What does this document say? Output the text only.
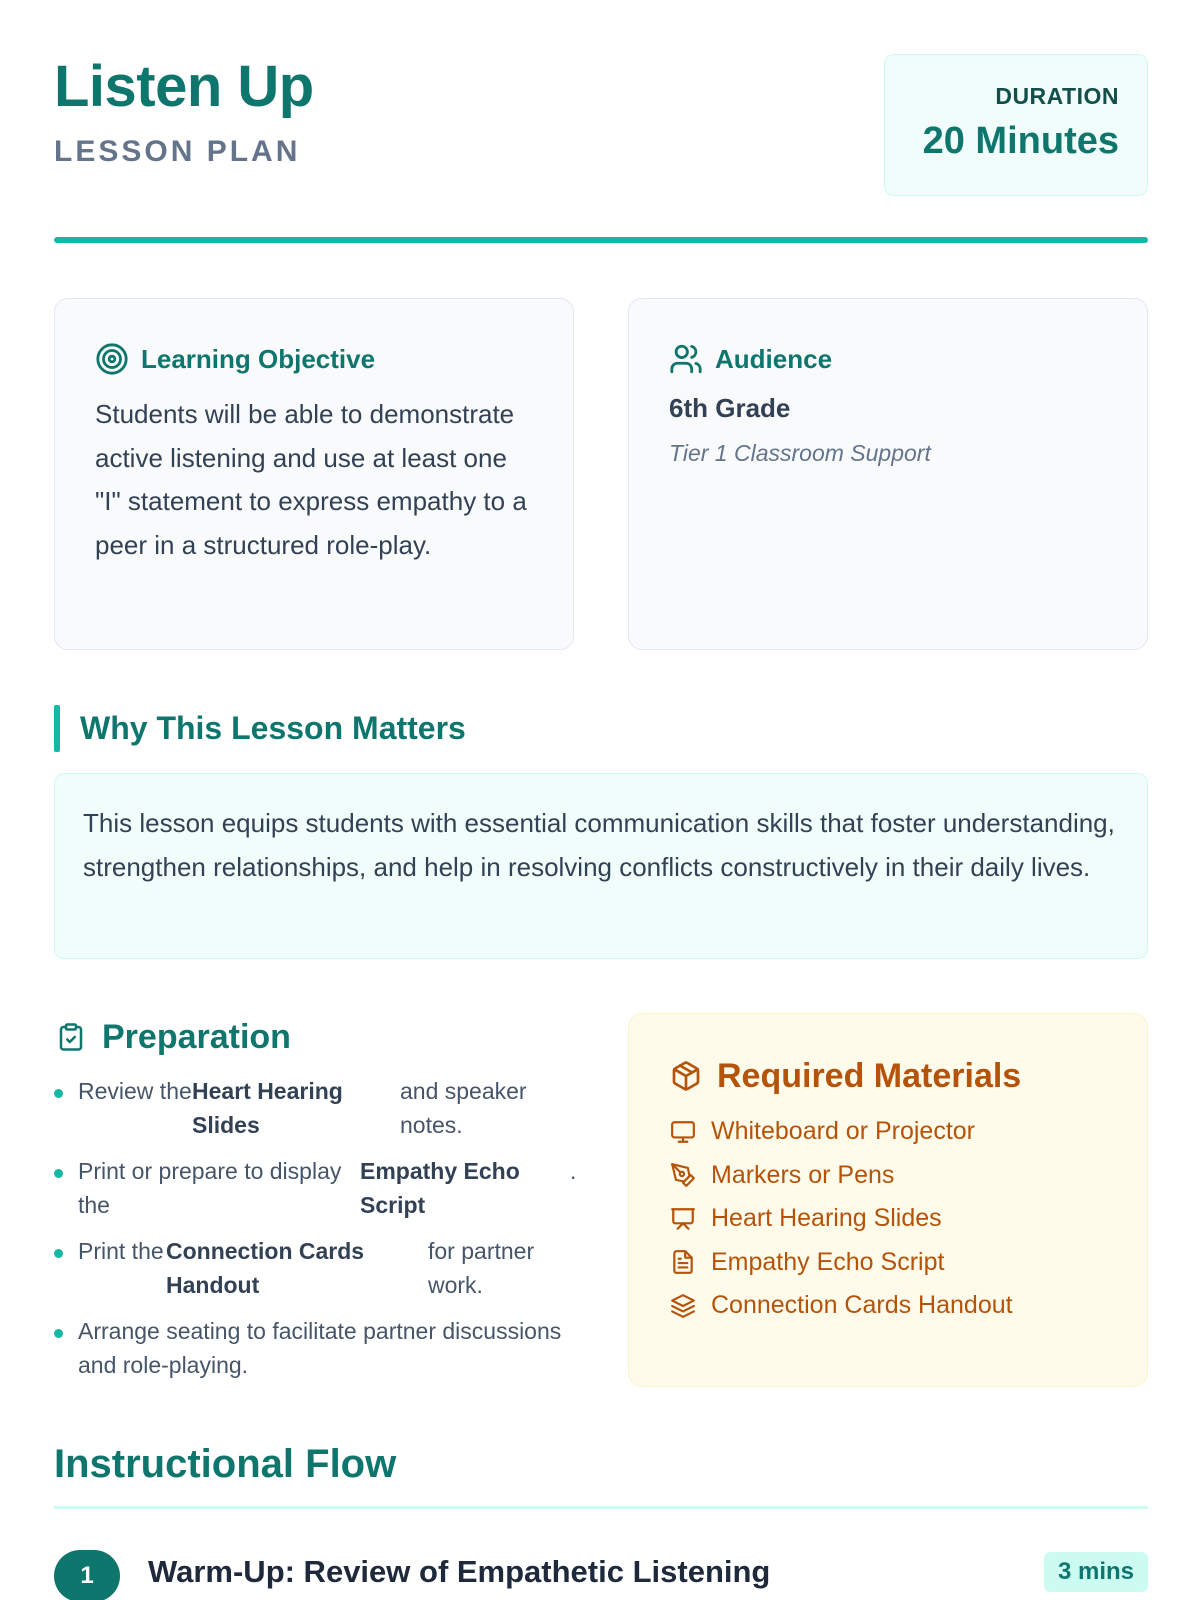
Listen Up
LESSON PLAN
DURATION
20 Minutes
Learning Objective

Students will be able to demonstrate active listening and use at least one "I" statement to express empathy to a peer in a structured role-play.

Audience
6th Grade
Tier 1 Classroom Support
Why This Lesson Matters

This lesson equips students with essential communication skills that foster understanding, strengthen relationships, and help in resolving conflicts constructively in their daily lives.

Preparation
Review the Heart Hearing Slides
and speaker notes.
Print or prepare to display the
Empathy Echo Script
.
Print the Connection Cards Handout
for partner work.
Arrange seating to facilitate partner discussions and role-playing.
Required Materials
Whiteboard or Projector
Markers or Pens
Heart Hearing Slides
Empathy Echo Script
Connection Cards Handout
Instructional Flow
1	Warm-Up: Review of Empathetic Listening	3 mins
